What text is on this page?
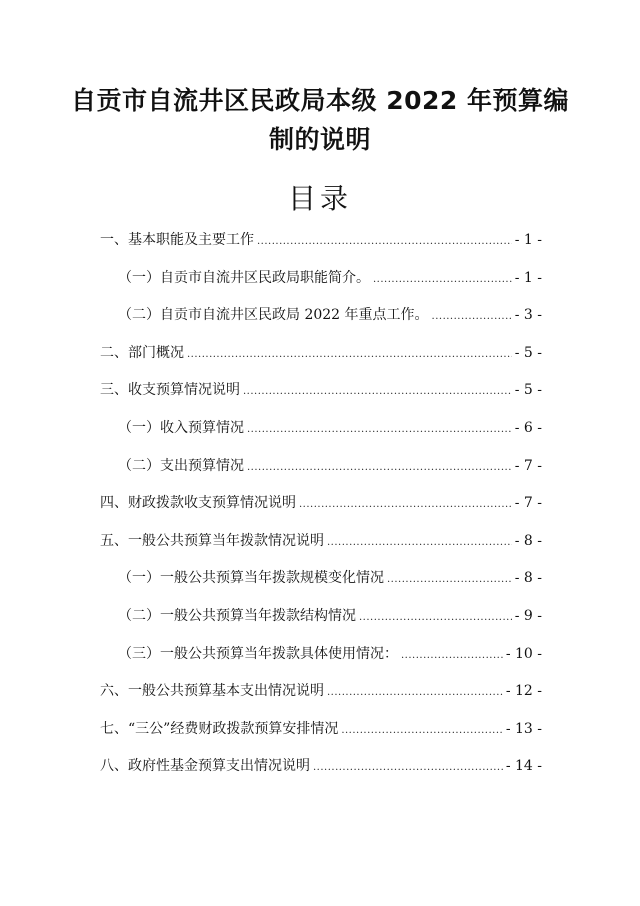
自贡市自流井区民政局本级 2022 年预算编
制的说明
目录
一、基本职能及主要工作 .....	- 1 -
（一）自贡市自流井区民政局职能简介。 .....	- 1 -
（二）自贡市自流井区民政局 2022 年重点工作。 .....	- 3 -
二、部门概况 .....	- 5 -
三、收支预算情况说明 .....	- 5 -
（一）收入预算情况 .....	- 6 -
（二）支出预算情况 .....	- 7 -
四、财政拨款收支预算情况说明 .....	- 7 -
五、一般公共预算当年拨款情况说明 .....	- 8 -
（一）一般公共预算当年拨款规模变化情况 .....	- 8 -
（二）一般公共预算当年拨款结构情况 .....	- 9 -
（三）一般公共预算当年拨款具体使用情况： .....	- 10 -
六、一般公共预算基本支出情况说明 .....	- 12 -
七、“三公”经费财政拨款预算安排情况 .....	- 13 -
八、政府性基金预算支出情况说明 .....	- 14 -
